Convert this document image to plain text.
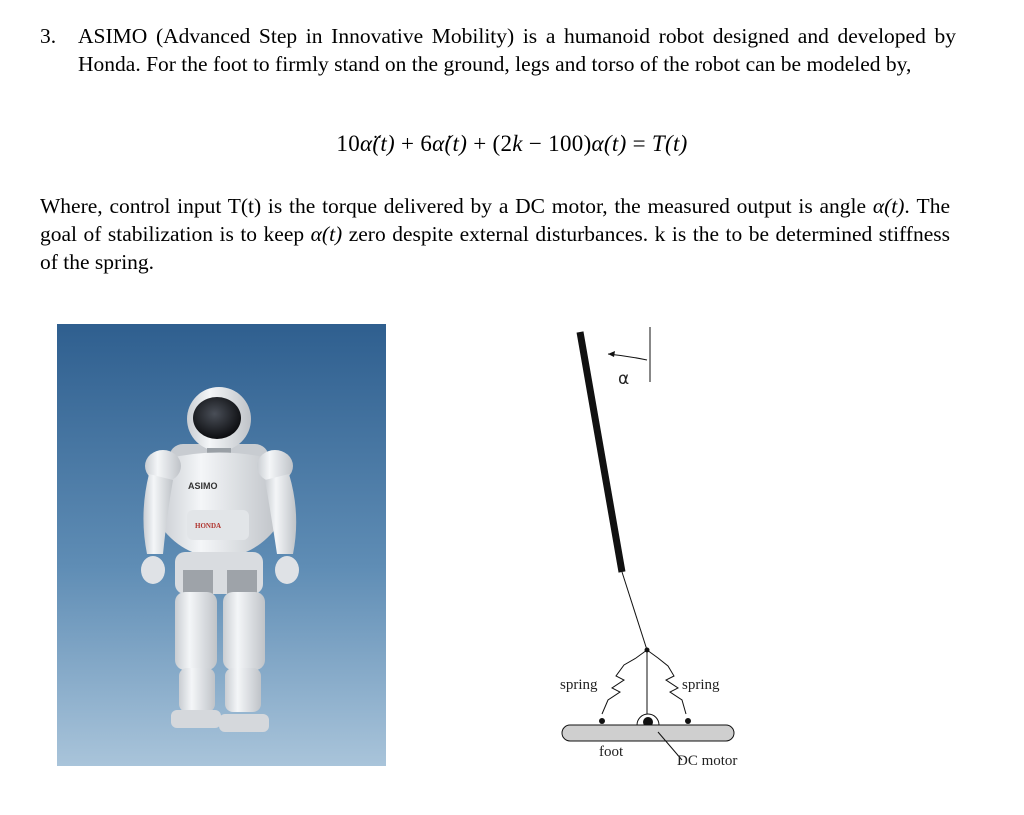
3. ASIMO (Advanced Step in Innovative Mobility) is a humanoid robot designed and developed by Honda. For the foot to firmly stand on the ground, legs and torso of the robot can be modeled by,
10α̈(t) + 6α̇(t) + (2k − 100)α(t) = T(t)
Where, control input T(t) is the torque delivered by a DC motor, the measured output is angle α(t). The goal of stabilization is to keep α(t) zero despite external disturbances. k is the to be determined stiffness of the spring.
ASIMO
HONDA
α
spring	spring
foot
DC motor
